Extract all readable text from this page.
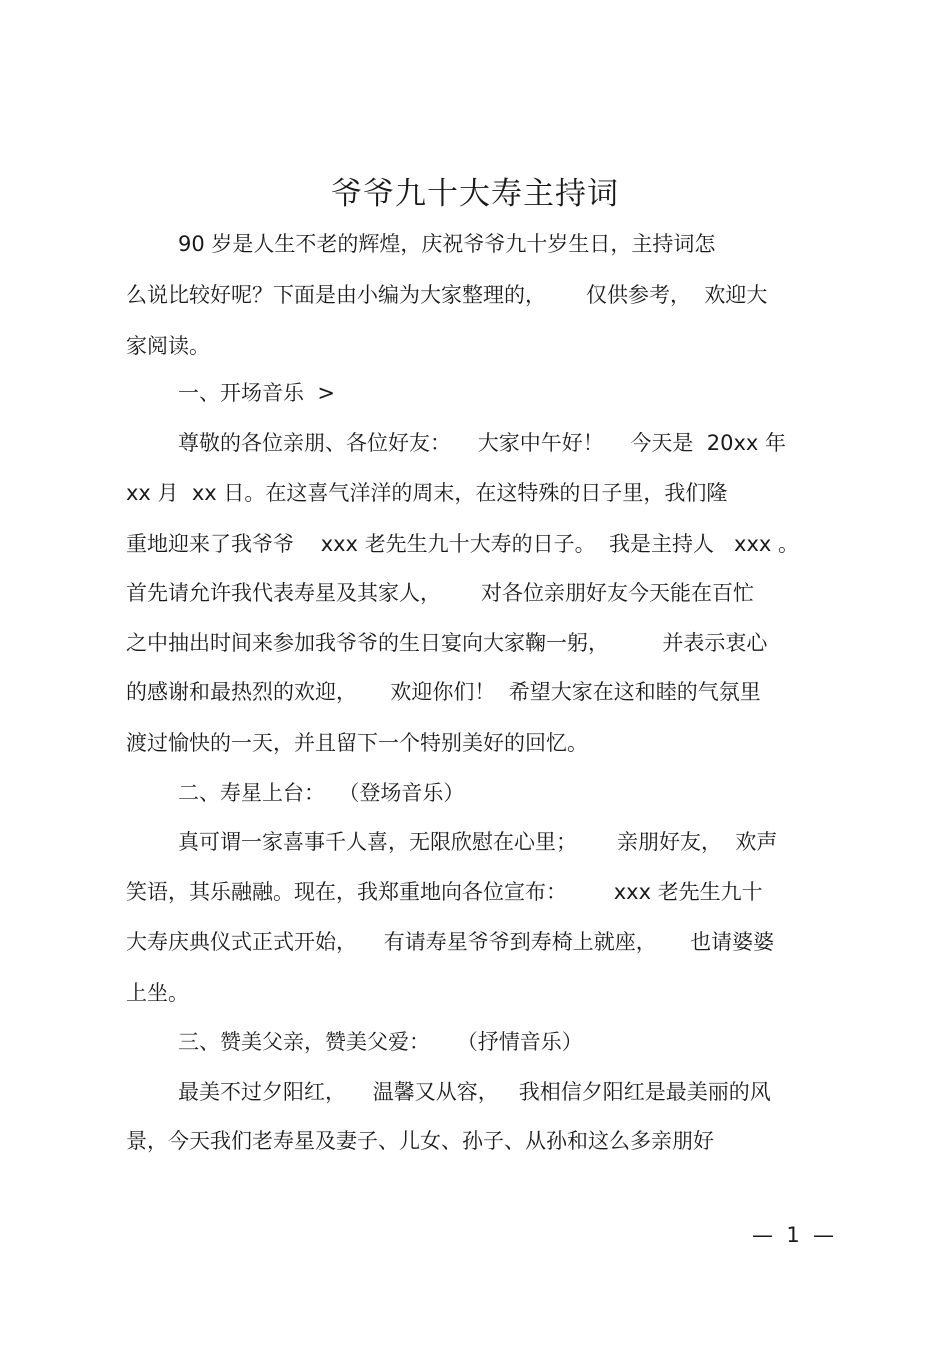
爷爷九十大寿主持词
90 岁是人生不老的辉煌，庆祝爷爷九十岁生日，主持词怎
么说比较好呢？下面是由小编为大家整理的，      仅供参考，  欢迎大
家阅读。
一、开场音乐  >
尊敬的各位亲朋、各位好友：    大家中午好！    今天是  20xx 年
xx 月  xx 日。在这喜气洋洋的周末，在这特殊的日子里，我们隆
重地迎来了我爷爷    xxx 老先生九十大寿的日子。  我是主持人   xxx 。
首先请允许我代表寿星及其家人，      对各位亲朋好友今天能在百忙
之中抽出时间来参加我爷爷的生日宴向大家鞠一躬，        并表示衷心
的感谢和最热烈的欢迎，     欢迎你们！  希望大家在这和睦的气氛里
渡过愉快的一天，并且留下一个特别美好的回忆。
二、寿星上台：  （登场音乐）
真可谓一家喜事千人喜，无限欣慰在心里；      亲朋好友，  欢声
笑语，其乐融融。现在，我郑重地向各位宣布：       xxx 老先生九十
大寿庆典仪式正式开始，    有请寿星爷爷到寿椅上就座，     也请婆婆
上坐。
三、赞美父亲，赞美父爱：    （抒情音乐）
最美不过夕阳红，    温馨又从容，   我相信夕阳红是最美丽的风
景，今天我们老寿星及妻子、儿女、孙子、从孙和这么多亲朋好
—  1  —
